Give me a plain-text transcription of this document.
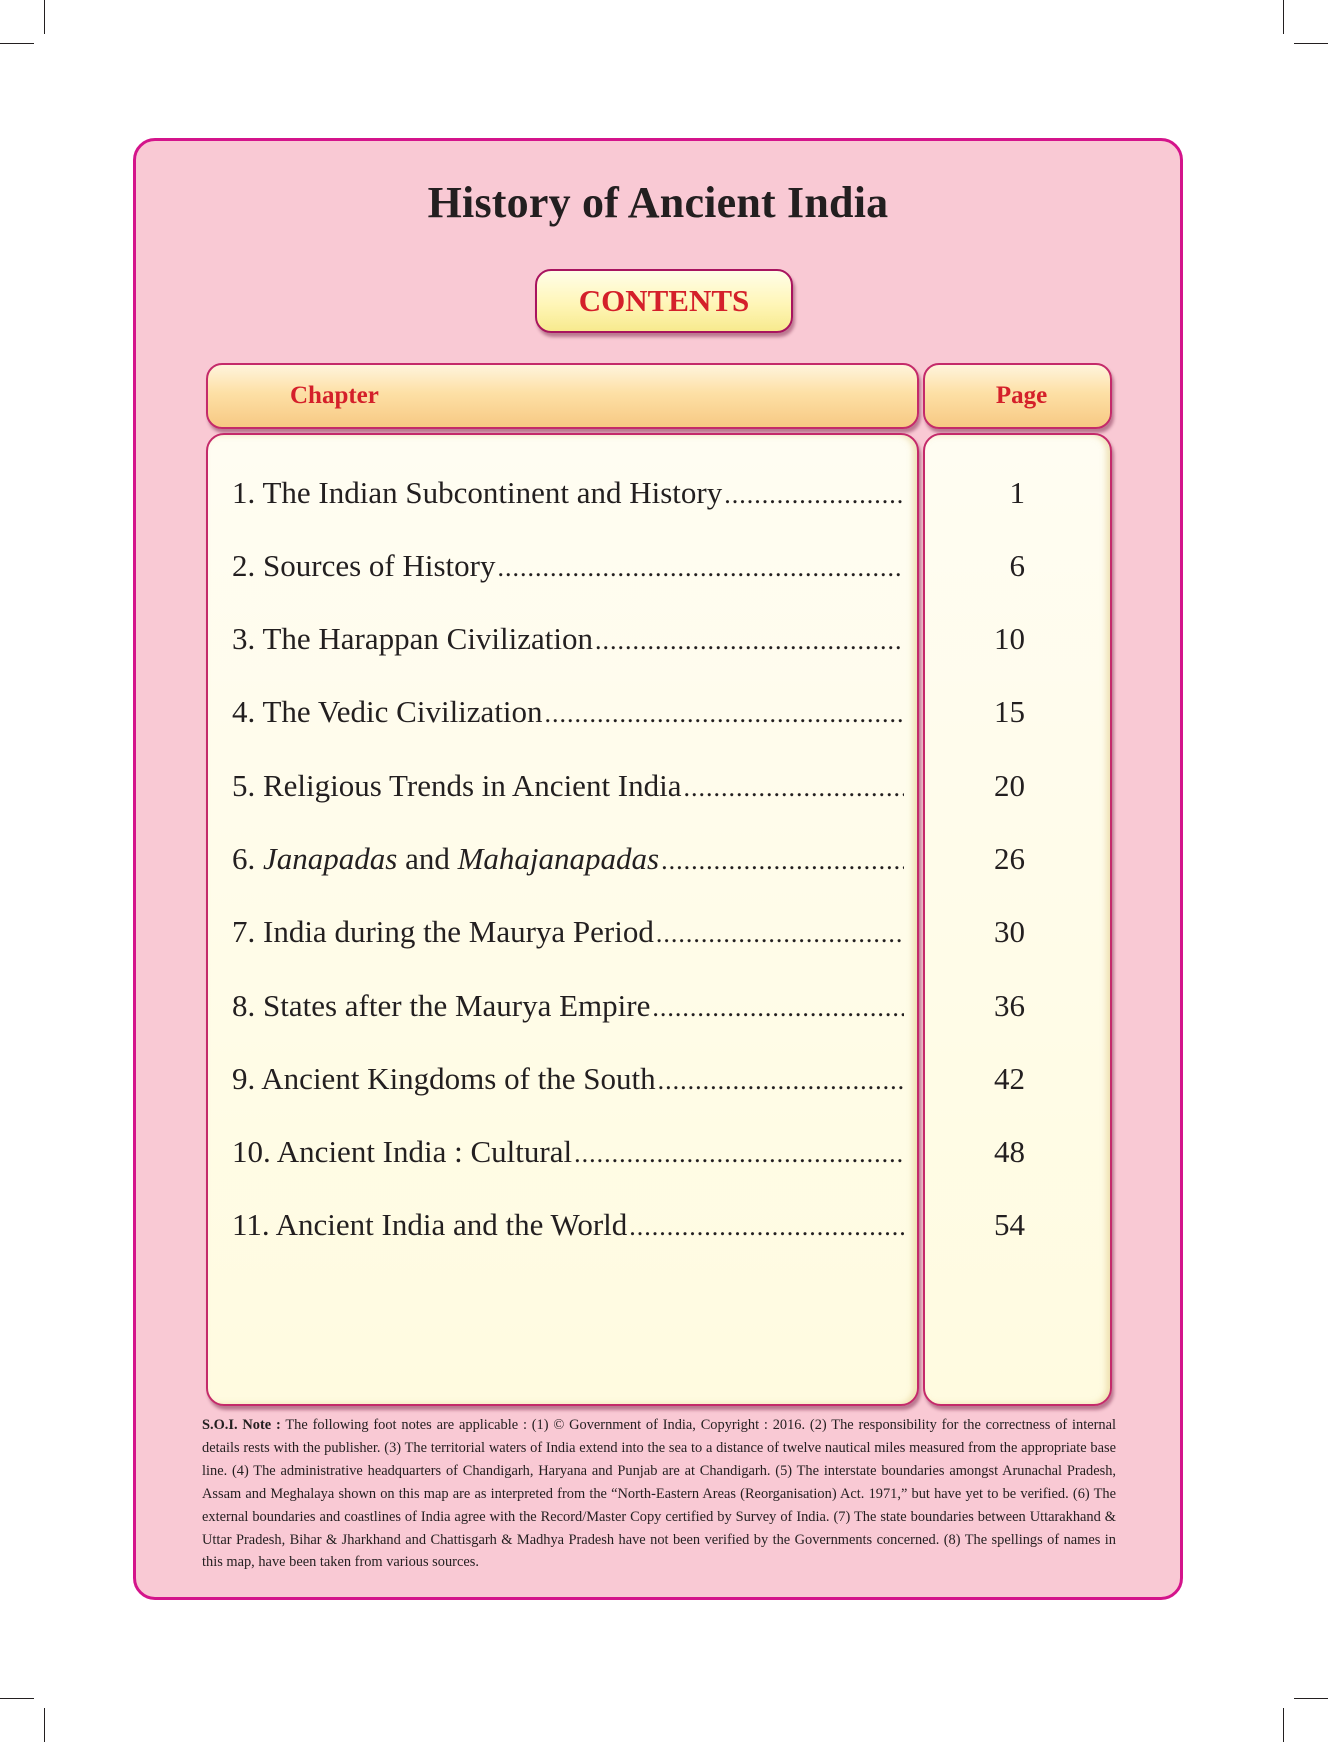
History of Ancient India
CONTENTS
Chapter	Page
1. The Indian Subcontinent and History
.....
2. Sources of History
.....
3. The Harappan Civilization
.....
4. The Vedic Civilization
.....
5. Religious Trends in Ancient India
.....
6. Janapadas and Mahajanapadas
.....
7. India during the Maurya Period
.....
8. States after the Maurya Empire
.....
9. Ancient Kingdoms of the South
.....
10. Ancient India : Cultural
.....
11. Ancient India and the World
.....
1
6
10
15
20
26
30
36
42
48
54

S.O.I. Note : The following foot notes are applicable : (1) © Government of India, Copyright : 2016. (2) The responsibility for the correctness of internal details rests with the publisher. (3) The territorial waters of India extend into the sea to a distance of twelve nautical miles measured from the appropriate base line. (4) The administrative headquarters of Chandigarh, Haryana and Punjab are at Chandigarh. (5) The interstate boundaries amongst Arunachal Pradesh, Assam and Meghalaya shown on this map are as interpreted from the “North-Eastern Areas (Reorganisation) Act. 1971,” but have yet to be verified. (6) The external boundaries and coastlines of India agree with the Record/Master Copy certified by Survey of India. (7) The state boundaries between Uttarakhand & Uttar Pradesh, Bihar & Jharkhand and Chattisgarh & Madhya Pradesh have not been verified by the Governments concerned. (8) The spellings of names in this map, have been taken from various sources.
